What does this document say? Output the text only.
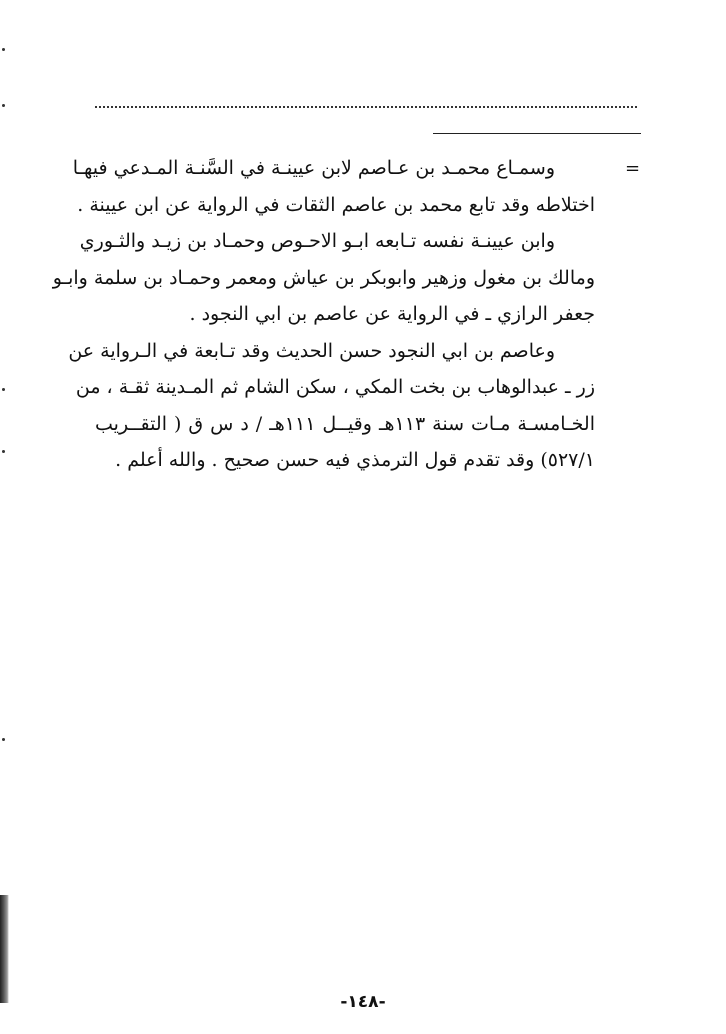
=
وسمـاع محمـد بن عـاصم لابن عيينـة في السَّنـة المـدعي فيهـا
اختلاطه وقد تابع محمد بن عاصم الثقات في الرواية عن ابن عيينة .
وابن عيينـة نفسه تـابعه ابـو الاحـوص وحمـاد بن زيـد والثـوري
ومالك بن مغول وزهير وابوبكر بن عياش ومعمر وحمـاد بن سلمة وابـو
جعفر الرازي ـ في الرواية عن عاصم بن ابي النجود .
وعاصم بن ابي النجود حسن الحديث وقد تـابعة في الـرواية عن
زر ـ عبدالوهاب بن بخت المكي ، سكن الشام ثم المـدينة ثقـة ، من
الخـامسـة مـات سنة ١١٣هـ وقيــل ١١١هـ / د س ق ( التقــريب
٥٢٧/١) وقد تقدم قول الترمذي فيه حسن صحيح . والله أعلم .
-١٤٨-
